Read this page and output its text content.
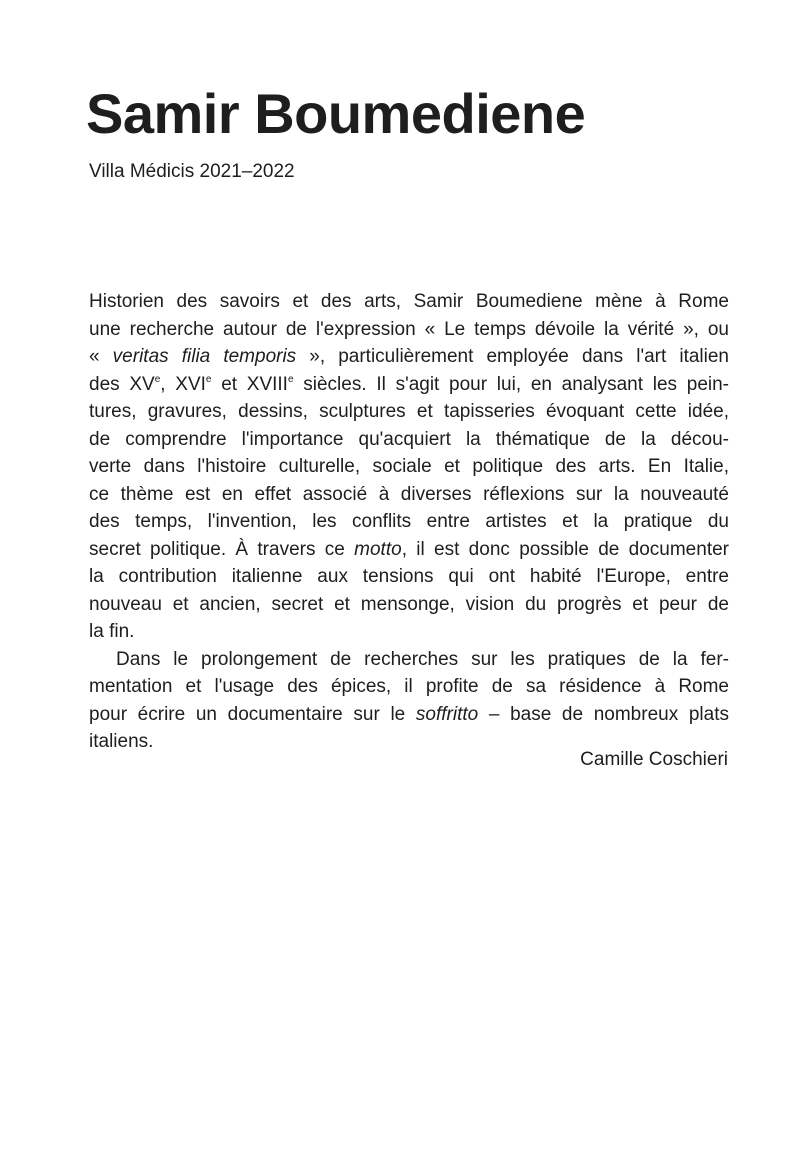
Samir Boumediene

Villa Médicis 2021–2022

Historien des savoirs et des arts, Samir Boumediene mène à Rome
une recherche autour de l'expression « Le temps dévoile la vérité », ou
« veritas filia temporis », particulièrement employée dans l'art italien
des XVe, XVIe et XVIIIe siècles. Il s'agit pour lui, en analysant les pein-
tures, gravures, dessins, sculptures et tapisseries évoquant cette idée,
de comprendre l'importance qu'acquiert la thématique de la décou-
verte dans l'histoire culturelle, sociale et politique des arts. En Italie,
ce thème est en effet associé à diverses réflexions sur la nouveauté
des temps, l'invention, les conflits entre artistes et la pratique du
secret politique. À travers ce motto, il est donc possible de documenter
la contribution italienne aux tensions qui ont habité l'Europe, entre
nouveau et ancien, secret et mensonge, vision du progrès et peur de
la fin.
Dans le prolongement de recherches sur les pratiques de la fer-
mentation et l'usage des épices, il profite de sa résidence à Rome
pour écrire un documentaire sur le soffritto – base de nombreux plats
italiens.

Camille Coschieri
